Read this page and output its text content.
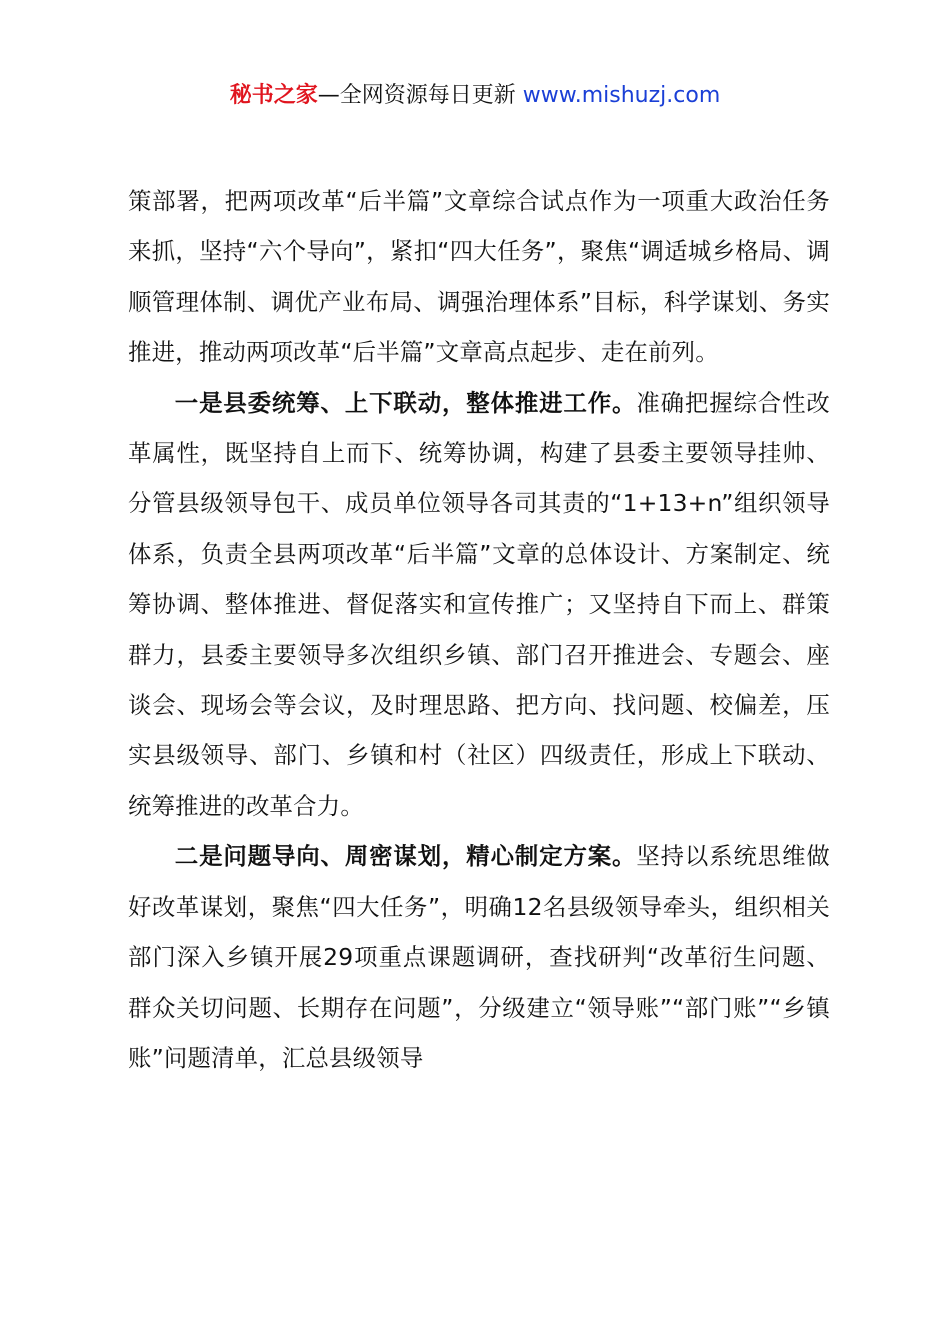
秘书之家—全网资源每日更新 www.mishuzj.com

策部署，把两项改革“后半篇”文章综合试点作为一项重大政治任务来抓，坚持“六个导向”，紧扣“四大任务”，聚焦“调适城乡格局、调顺管理体制、调优产业布局、调强治理体系”目标，科学谋划、务实推进，推动两项改革“后半篇”文章高点起步、走在前列。

一是县委统筹、上下联动，整体推进工作。准确把握综合性改革属性，既坚持自上而下、统筹协调，构建了县委主要领导挂帅、分管县级领导包干、成员单位领导各司其责的“1+13+n”组织领导体系，负责全县两项改革“后半篇”文章的总体设计、方案制定、统筹协调、整体推进、督促落实和宣传推广；又坚持自下而上、群策群力，县委主要领导多次组织乡镇、部门召开推进会、专题会、座谈会、现场会等会议，及时理思路、把方向、找问题、校偏差，压实县级领导、部门、乡镇和村（社区）四级责任，形成上下联动、统筹推进的改革合力。

二是问题导向、周密谋划，精心制定方案。坚持以系统思维做好改革谋划，聚焦“四大任务”，明确12名县级领导牵头，组织相关部门深入乡镇开展29项重点课题调研，查找研判“改革衍生问题、群众关切问题、长期存在问题”，分级建立“领导账”“部门账”“乡镇账”问题清单，汇总县级领导
